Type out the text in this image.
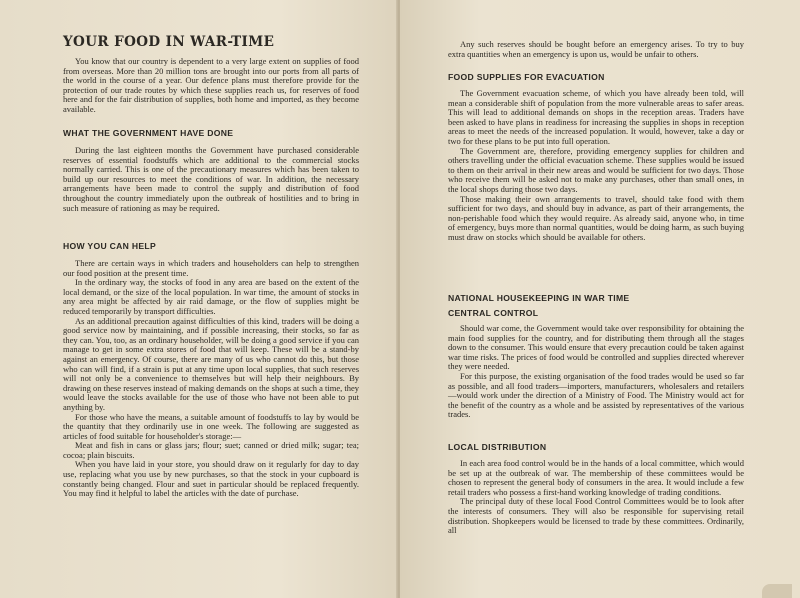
YOUR FOOD IN WAR-TIME

You know that our country is dependent to a very large extent on supplies of food from overseas. More than 20 million tons are brought into our ports from all parts of the world in the course of a year. Our defence plans must therefore provide for the protection of our trade routes by which these supplies reach us, for reserves of food here and for the fair distribution of supplies, both home and imported, as they become available.

WHAT THE GOVERNMENT HAVE DONE

During the last eighteen months the Government have purchased considerable reserves of essential foodstuffs which are additional to the commercial stocks normally carried. This is one of the precautionary measures which has been taken to build up our resources to meet the conditions of war. In addition, the necessary arrangements have been made to control the supply and distribution of food throughout the country immediately upon the outbreak of hostilities and to bring in such measure of rationing as may be required.

HOW YOU CAN HELP

There are certain ways in which traders and householders can help to strengthen our food position at the present time.

In the ordinary way, the stocks of food in any area are based on the extent of the local demand, or the size of the local population. In war time, the amount of stocks in any area might be affected by air raid damage, or the flow of supplies might be reduced temporarily by transport difficulties.

As an additional precaution against difficulties of this kind, traders will be doing a good service now by maintaining, and if possible increasing, their stocks, so far as they can. You, too, as an ordinary householder, will be doing a good service if you can manage to get in some extra stores of food that will keep. These will be a stand-by against an emergency. Of course, there are many of us who cannot do this, but those who can will find, if a strain is put at any time upon local supplies, that such reserves will not only be a convenience to themselves but will help their neighbours. By drawing on these reserves instead of making demands on the shops at such a time, they would leave the stocks available for the use of those who have not been able to put anything by.

For those who have the means, a suitable amount of foodstuffs to lay by would be the quantity that they ordinarily use in one week. The following are suggested as articles of food suitable for householder's storage:—

Meat and fish in cans or glass jars; flour; suet; canned or dried milk; sugar; tea; cocoa; plain biscuits.

When you have laid in your store, you should draw on it regularly for day to day use, replacing what you use by new purchases, so that the stock in your cupboard is constantly being changed. Flour and suet in particular should be replaced frequently. You may find it helpful to label the articles with the date of purchase.

Any such reserves should be bought before an emergency arises. To try to buy extra quantities when an emergency is upon us, would be unfair to others.

FOOD SUPPLIES FOR EVACUATION

The Government evacuation scheme, of which you have already been told, will mean a considerable shift of population from the more vulnerable areas to safer areas. This will lead to additional demands on shops in the reception areas. Traders have been asked to have plans in readiness for increasing the supplies in shops in reception areas to meet the needs of the increased population. It would, however, take a day or two for these plans to be put into full operation.

The Government are, therefore, providing emergency supplies for children and others travelling under the official evacuation scheme. These supplies would be issued to them on their arrival in their new areas and would be sufficient for two days. Those who receive them will be asked not to make any purchases, other than small ones, in the local shops during those two days.

Those making their own arrangements to travel, should take food with them sufficient for two days, and should buy in advance, as part of their arrangements, the non-perishable food which they would require. As already said, anyone who, in time of emergency, buys more than normal quantities, would be doing harm, as such buying must draw on stocks which should be available for others.

NATIONAL HOUSEKEEPING IN WAR TIME
CENTRAL CONTROL

Should war come, the Government would take over responsibility for obtaining the main food supplies for the country, and for distributing them through all the stages down to the consumer. This would ensure that every precaution could be taken against war time risks. The prices of food would be controlled and supplies directed wherever they were needed.

For this purpose, the existing organisation of the food trades would be used so far as possible, and all food traders—importers, manufacturers, wholesalers and retailers—would work under the direction of a Ministry of Food. The Ministry would act for the benefit of the country as a whole and be assisted by representatives of the various trades.

LOCAL DISTRIBUTION

In each area food control would be in the hands of a local committee, which would be set up at the outbreak of war. The membership of these committees would be chosen to represent the general body of consumers in the area. It would include a few retail traders who possess a first-hand working knowledge of trading conditions.

The principal duty of these local Food Control Committees would be to look after the interests of consumers. They will also be responsible for supervising retail distribution. Shopkeepers would be licensed to trade by these committees. Ordinarily, all
